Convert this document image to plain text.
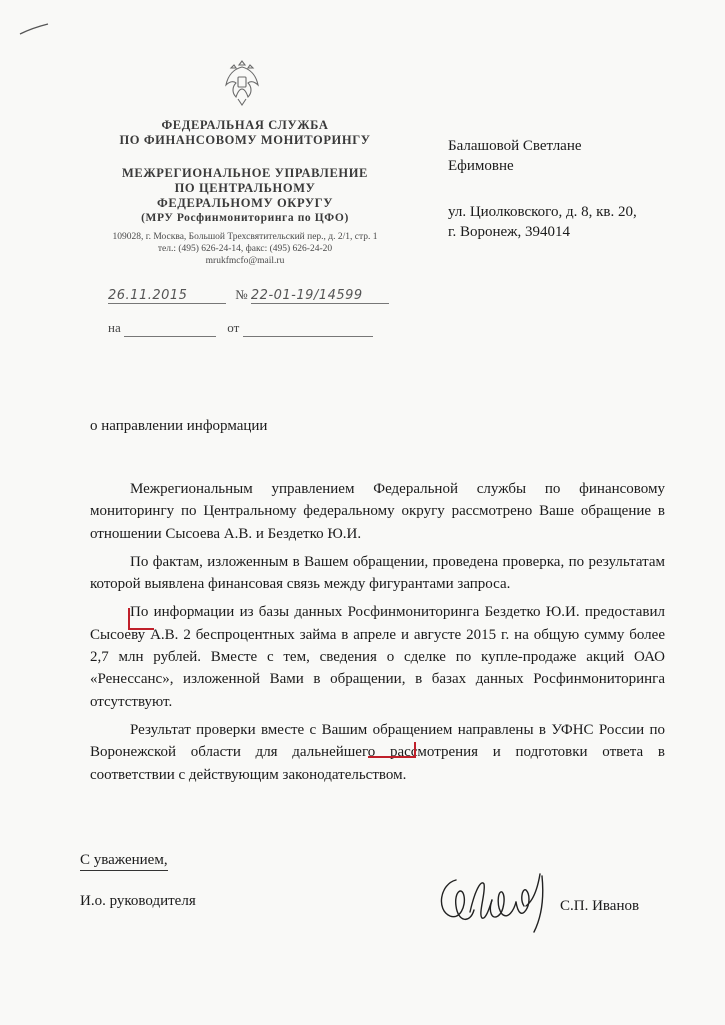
ФЕДЕРАЛЬНАЯ СЛУЖБА
ПО ФИНАНСОВОМУ МОНИТОРИНГУ
МЕЖРЕГИОНАЛЬНОЕ УПРАВЛЕНИЕ
ПО ЦЕНТРАЛЬНОМУ
ФЕДЕРАЛЬНОМУ ОКРУГУ
(МРУ Росфинмониторинга по ЦФО)
109028, г. Москва, Большой Трехсвятительский пер., д. 2/1, стр. 1
тел.: (495) 626-24-14, факс: (495) 626-24-20
mrukfmcfo@mail.ru
Балашовой Светлане
Ефимовне
ул. Циолковского, д. 8, кв. 20,
г. Воронеж, 394014
26.11.2015	№ 22-01-19/14599
на	от
о направлении информации

Межрегиональным управлением Федеральной службы по финансовому мониторингу по Центральному федеральному округу рассмотрено Ваше обращение в отношении Сысоева А.В. и Бездетко Ю.И.

По фактам, изложенным в Вашем обращении, проведена проверка, по результатам которой выявлена финансовая связь между фигурантами запроса.

По информации из базы данных Росфинмониторинга Бездетко Ю.И. предоставил Сысоеву А.В. 2 беспроцентных займа в апреле и августе 2015 г. на общую сумму более 2,7 млн рублей. Вместе с тем, сведения о сделке по купле-продаже акций ОАО «Ренессанс», изложенной Вами в обращении, в базах данных Росфинмониторинга отсутствуют.

Результат проверки вместе с Вашим обращением направлены в УФНС России по Воронежской области для дальнейшего рассмотрения и подготовки ответа в соответствии с действующим законодательством.

С уважением,
И.о. руководителя	С.П. Иванов
